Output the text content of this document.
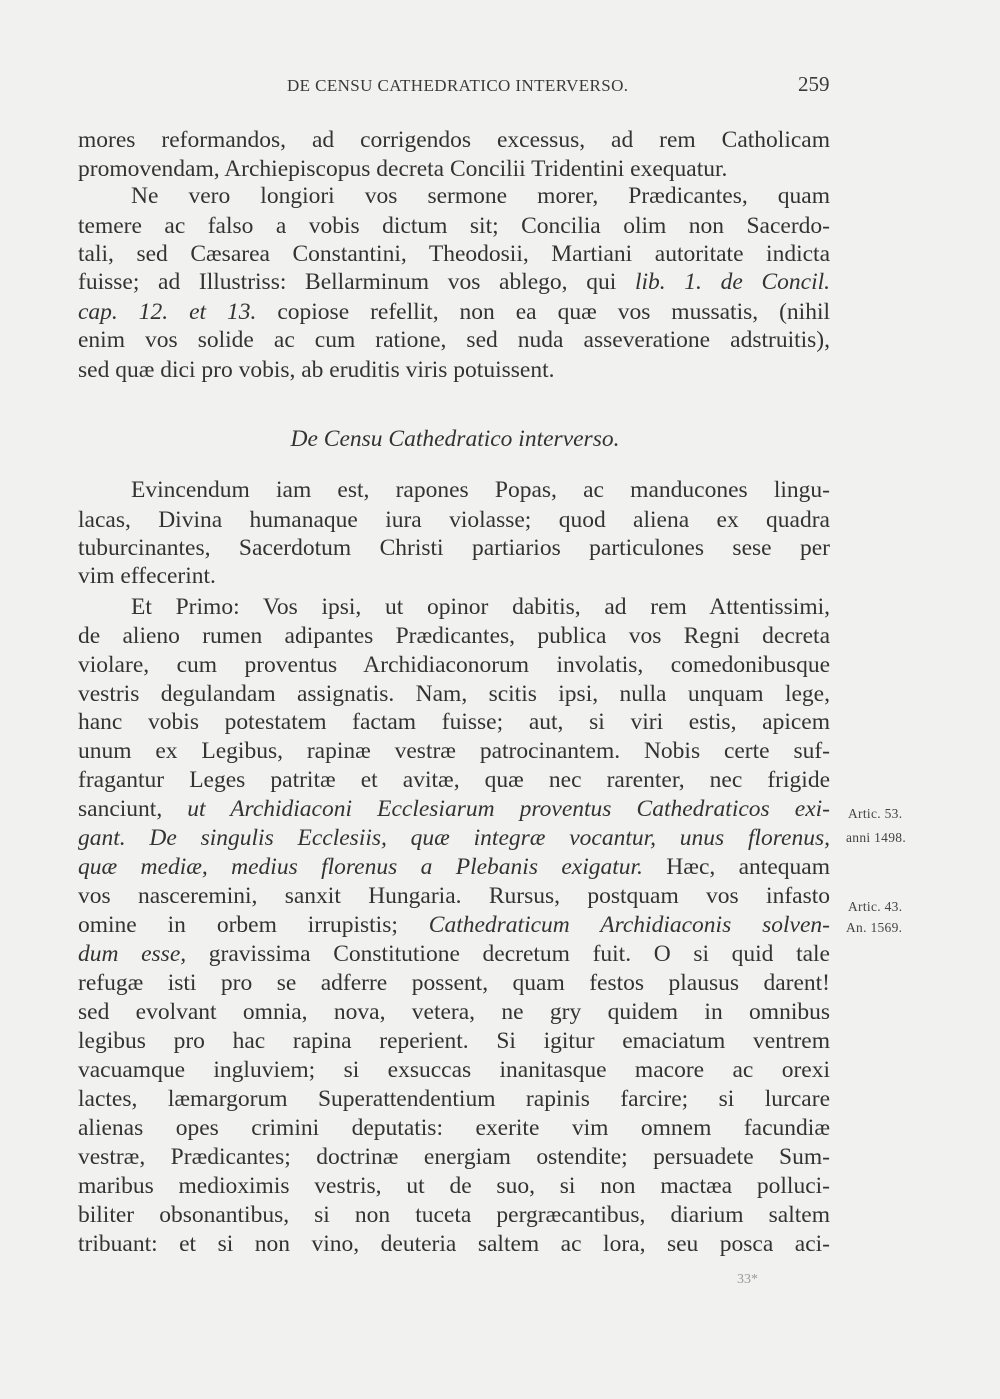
DE CENSU CATHEDRATICO INTERVERSO.	259
mores reformandos, ad corrigendos excessus, ad rem Catholicam
promovendam, Archiepiscopus decreta Concilii Tridentini exequatur.
Ne vero longiori vos sermone morer, Prædicantes, quam
temere ac falso a vobis dictum sit; Concilia olim non Sacerdo-
tali, sed Cæsarea Constantini, Theodosii, Martiani autoritate indicta
fuisse; ad Illustriss: Bellarminum vos ablego, qui lib. 1. de Concil.
cap. 12. et 13. copiose refellit, non ea quæ vos mussatis, (nihil
enim vos solide ac cum ratione, sed nuda asseveratione adstruitis),
sed quæ dici pro vobis, ab eruditis viris potuissent.
De Censu Cathedratico interverso.
Evincendum iam est, rapones Popas, ac manducones lingu-
lacas, Divina humanaque iura violasse; quod aliena ex quadra
tuburcinantes, Sacerdotum Christi partiarios particulones sese per
vim effecerint.
Et Primo: Vos ipsi, ut opinor dabitis, ad rem Attentissimi,
de alieno rumen adipantes Prædicantes, publica vos Regni decreta
violare, cum proventus Archidiaconorum involatis, comedonibusque
vestris degulandam assignatis. Nam, scitis ipsi, nulla unquam lege,
hanc vobis potestatem factam fuisse; aut, si viri estis, apicem
unum ex Legibus, rapinæ vestræ patrocinantem. Nobis certe suf-
fragantur Leges patritæ et avitæ, quæ nec rarenter, nec frigide
sanciunt, ut Archidiaconi Ecclesiarum proventus Cathedraticos exi-
gant. De singulis Ecclesiis, quæ integræ vocantur, unus florenus,
quæ mediæ, medius florenus a Plebanis exigatur. Hæc, antequam
vos nasceremini, sanxit Hungaria. Rursus, postquam vos infasto
omine in orbem irrupistis; Cathedraticum Archidiaconis solven-
dum esse, gravissima Constitutione decretum fuit. O si quid tale
refugæ isti pro se adferre possent, quam festos plausus darent!
sed evolvant omnia, nova, vetera, ne gry quidem in omnibus
legibus pro hac rapina reperient. Si igitur emaciatum ventrem
vacuamque ingluviem; si exsuccas inanitasque macore ac orexi
lactes, læmargorum Superattendentium rapinis farcire; si lurcare
alienas opes crimini deputatis: exerite vim omnem facundiæ
vestræ, Prædicantes; doctrinæ energiam ostendite; persuadete Sum-
maribus medioximis vestris, ut de suo, si non mactæa polluci-
biliter obsonantibus, si non tuceta pergræcantibus, diarium saltem
tribuant: et si non vino, deuteria saltem ac lora, seu posca aci-
Artic. 53.
anni 1498.
Artic. 43.
An. 1569.
33*
